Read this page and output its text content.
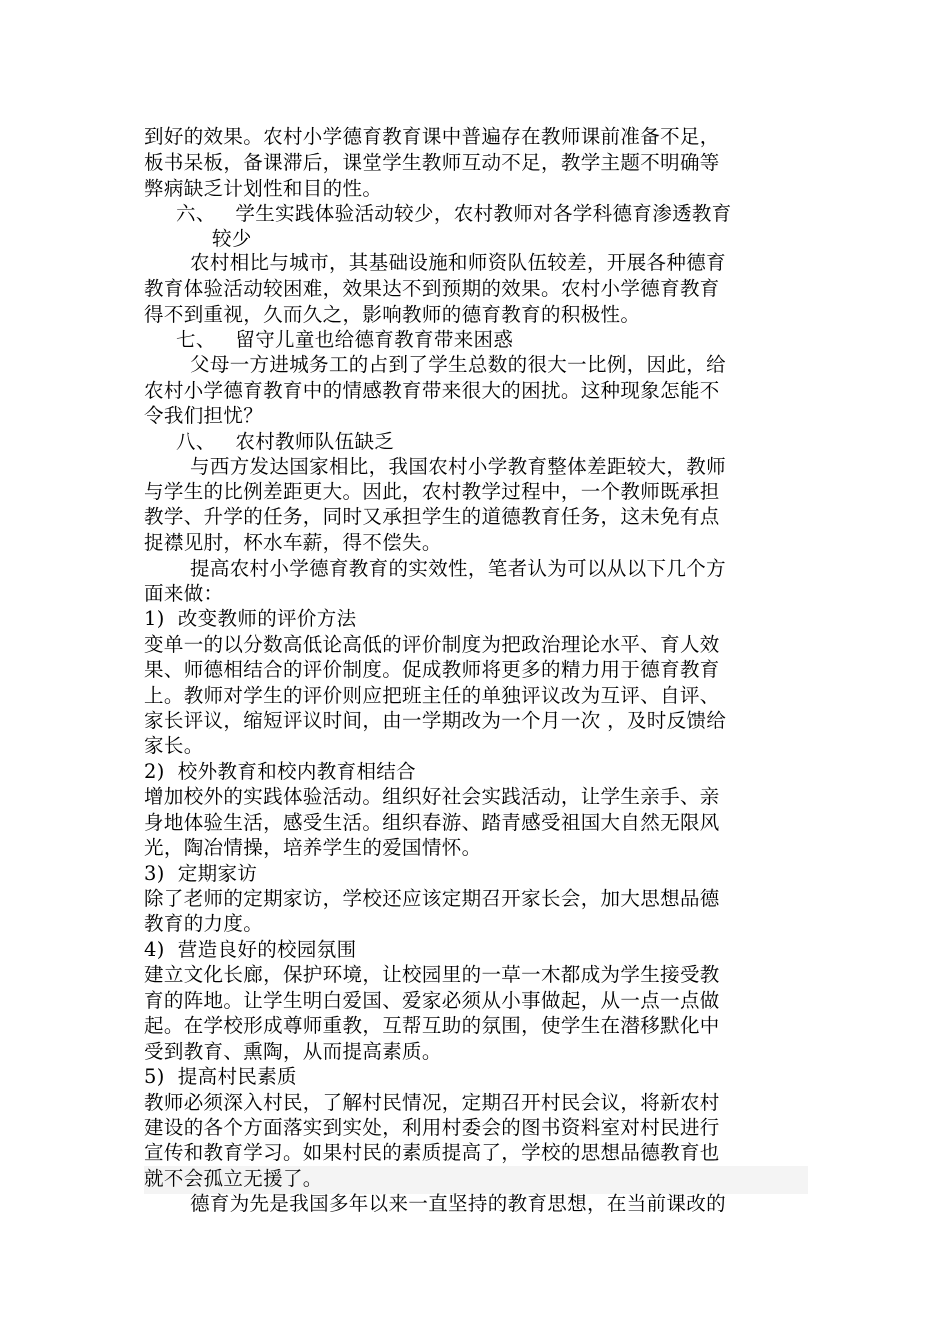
到好的效果。农村小学德育教育课中普遍存在教师课前准备不足，
板书呆板，备课滞后，课堂学生教师互动不足，教学主题不明确等
弊病缺乏计划性和目的性。
六、   学生实践体验活动较少，农村教师对各学科德育渗透教育
较少
农村相比与城市，其基础设施和师资队伍较差，开展各种德育
教育体验活动较困难，效果达不到预期的效果。农村小学德育教育
得不到重视，久而久之，影响教师的德育教育的积极性。
七、   留守儿童也给德育教育带来困惑
父母一方进城务工的占到了学生总数的很大一比例，因此，给
农村小学德育教育中的情感教育带来很大的困扰。这种现象怎能不
令我们担忧？
八、   农村教师队伍缺乏
与西方发达国家相比，我国农村小学教育整体差距较大，教师
与学生的比例差距更大。因此，农村教学过程中，一个教师既承担
教学、升学的任务，同时又承担学生的道德教育任务，这未免有点
捉襟见肘，杯水车薪，得不偿失。
提高农村小学德育教育的实效性，笔者认为可以从以下几个方
面来做：
1)  改变教师的评价方法
变单一的以分数高低论高低的评价制度为把政治理论水平、育人效
果、师德相结合的评价制度。促成教师将更多的精力用于德育教育
上。教师对学生的评价则应把班主任的单独评议改为互评、自评、
家长评议，缩短评议时间，由一学期改为一个月一次 ，及时反馈给
家长。
2)  校外教育和校内教育相结合
增加校外的实践体验活动。组织好社会实践活动，让学生亲手、亲
身地体验生活，感受生活。组织春游、踏青感受祖国大自然无限风
光，陶冶情操，培养学生的爱国情怀。
3)  定期家访
除了老师的定期家访，学校还应该定期召开家长会，加大思想品德
教育的力度。
4)  营造良好的校园氛围
建立文化长廊，保护环境，让校园里的一草一木都成为学生接受教
育的阵地。让学生明白爱国、爱家必须从小事做起，从一点一点做
起。在学校形成尊师重教，互帮互助的氛围，使学生在潜移默化中
受到教育、熏陶，从而提高素质。
5)  提高村民素质
教师必须深入村民，了解村民情况，定期召开村民会议，将新农村
建设的各个方面落实到实处，利用村委会的图书资料室对村民进行
宣传和教育学习。如果村民的素质提高了，学校的思想品德教育也
就不会孤立无援了。
德育为先是我国多年以来一直坚持的教育思想，在当前课改的
